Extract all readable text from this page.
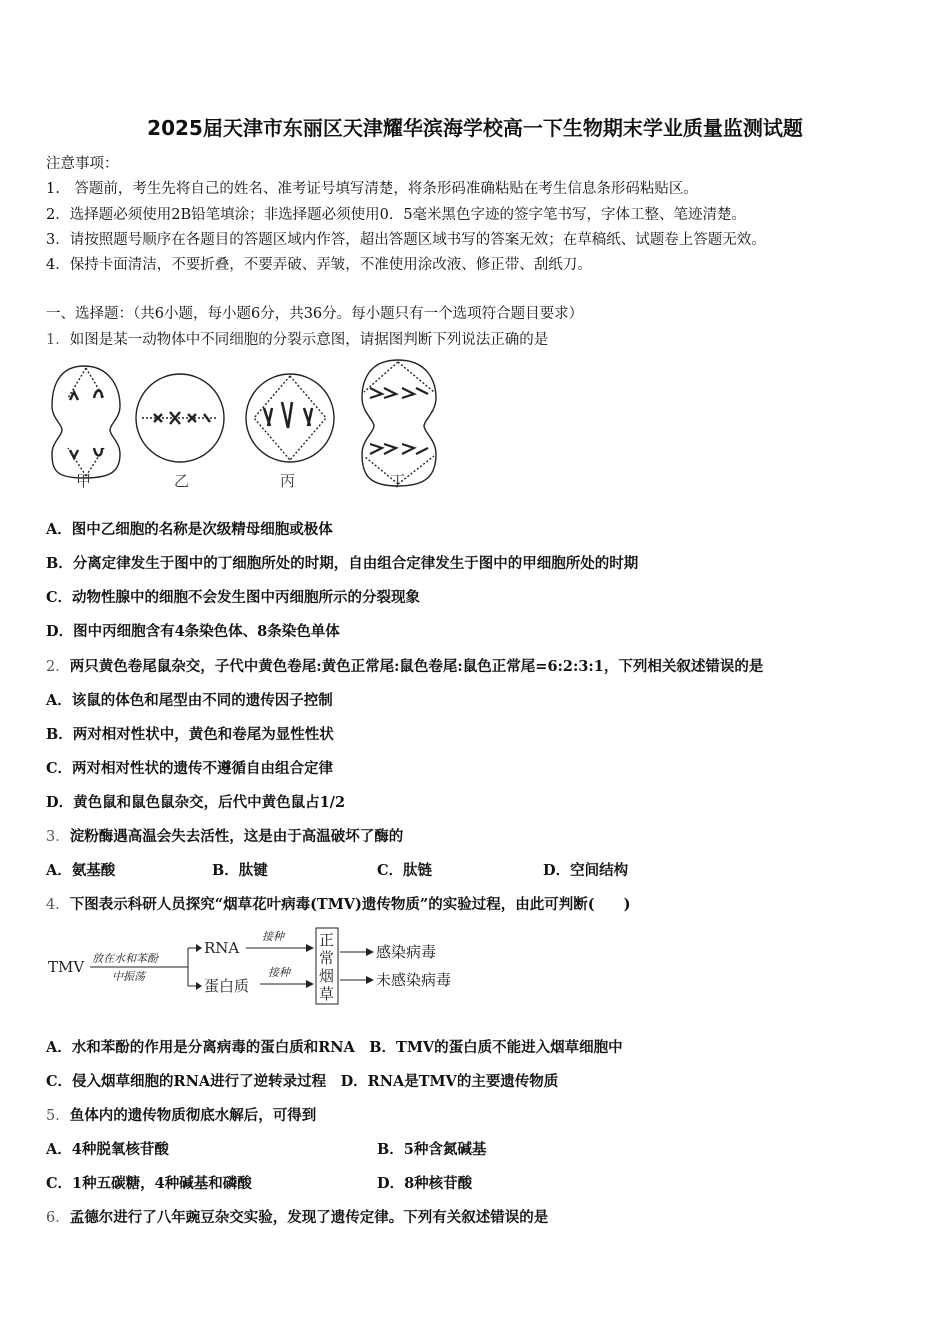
2025届天津市东丽区天津耀华滨海学校高一下生物期末学业质量监测试题
注意事项：
1.　答题前，考生先将自己的姓名、准考证号填写清楚，将条形码准确粘贴在考生信息条形码粘贴区。
2．选择题必须使用2B铅笔填涂；非选择题必须使用0．5毫米黑色字迹的签字笔书写，字体工整、笔迹清楚。
3．请按照题号顺序在各题目的答题区域内作答，超出答题区域书写的答案无效；在草稿纸、试题卷上答题无效。
4．保持卡面清洁，不要折叠，不要弄破、弄皱，不准使用涂改液、修正带、刮纸刀。
一、选择题：（共6小题，每小题6分，共36分。每小题只有一个选项符合题目要求）
1．如图是某一动物体中不同细胞的分裂示意图，请据图判断下列说法正确的是
甲	乙	丙	丁
A．图中乙细胞的名称是次级精母细胞或极体
B．分离定律发生于图中的丁细胞所处的时期，自由组合定律发生于图中的甲细胞所处的时期
C．动物性腺中的细胞不会发生图中丙细胞所示的分裂现象
D．图中丙细胞含有4条染色体、8条染色单体
2．两只黄色卷尾鼠杂交，子代中黄色卷尾:黄色正常尾:鼠色卷尾:鼠色正常尾=6:2:3:1，下列相关叙述错误的是
A．该鼠的体色和尾型由不同的遗传因子控制
B．两对相对性状中，黄色和卷尾为显性性状
C．两对相对性状的遗传不遵循自由组合定律
D．黄色鼠和鼠色鼠杂交，后代中黄色鼠占1/2
3．淀粉酶遇高温会失去活性，这是由于高温破坏了酶的
A．氨基酸	B．肽键	C．肽链	D．空间结构
4．下图表示科研人员探究“烟草花叶病毒(TMV)遗传物质”的实验过程，由此可判断(　　)
TMV 放在水和苯酚
中振荡
RNA
蛋白质
接种
接种
正
常
烟
草
感染病毒
未感染病毒
A．水和苯酚的作用是分离病毒的蛋白质和RNA　B．TMV的蛋白质不能进入烟草细胞中
C．侵入烟草细胞的RNA进行了逆转录过程　D．RNA是TMV的主要遗传物质
5．鱼体内的遗传物质彻底水解后，可得到
A．4种脱氧核苷酸	B．5种含氮碱基
C．1种五碳糖，4种碱基和磷酸	D．8种核苷酸
6．孟德尔进行了八年豌豆杂交实验，发现了遗传定律。下列有关叙述错误的是
